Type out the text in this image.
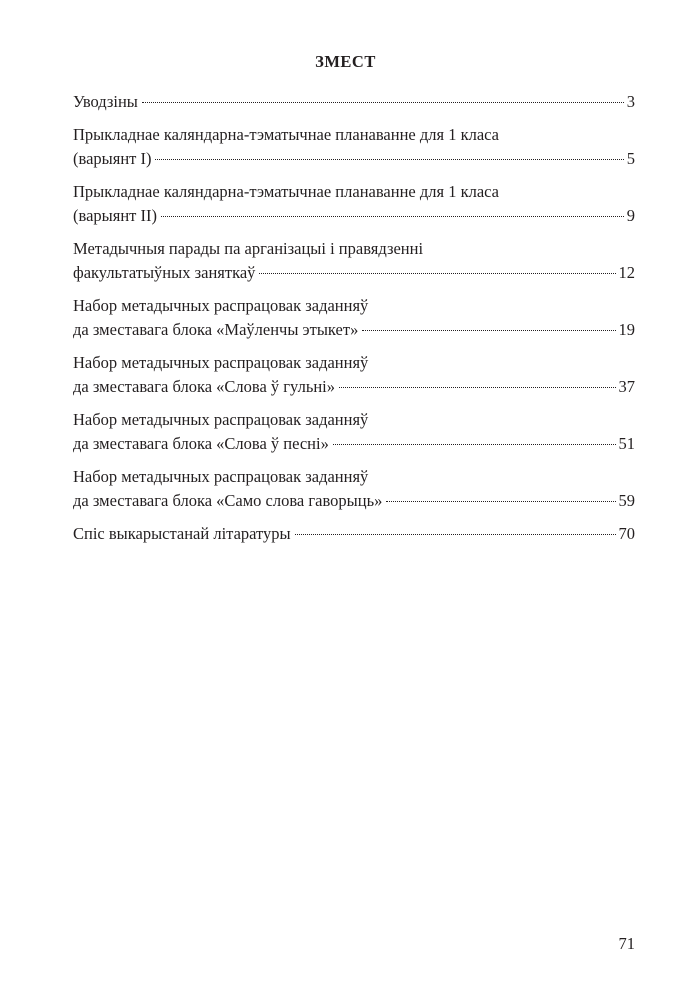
ЗМЕСТ
Уводзіны	3
Прыкладнае каляндарна-тэматычнае планаванне для 1 класа
(варыянт I)	5
Прыкладнае каляндарна-тэматычнае планаванне для 1 класа
(варыянт II)	9
Метадычныя парады па арганізацыі і правядзенні
факультатыўных заняткаў	12
Набор метадычных распрацовак заданняў
да зместавага блока «Маўленчы этыкет»	19
Набор метадычных распрацовак заданняў
да зместавага блока «Слова ў гульні»	37
Набор метадычных распрацовак заданняў
да зместавага блока «Слова ў песні»	51
Набор метадычных распрацовак заданняў
да зместавага блока «Само слова гаворыць»	59
Спіс выкарыстанай літаратуры	70
71
